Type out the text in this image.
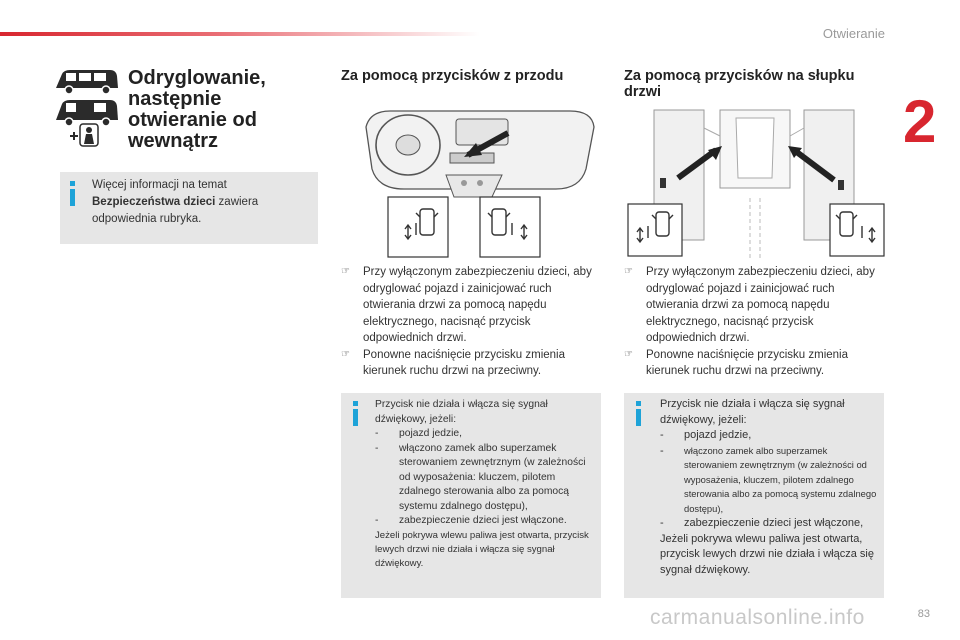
Otwieranie
2
Odryglowanie, następnie otwieranie od wewnątrz
Więcej informacji na temat
Bezpieczeństwa dzieci zawiera
odpowiednia rubryka.
Za pomocą przycisków z przodu
☞	Przy wyłączonym zabezpieczeniu dzieci, aby odryglować pojazd i zainicjować ruch otwierania drzwi za pomocą napędu elektrycznego, nacisnąć przycisk odpowiednich drzwi.
☞	Ponowne naciśnięcie przycisku zmienia kierunek ruchu drzwi na przeciwny.
Przycisk nie działa i włącza się sygnał dźwiękowy, jeżeli:
-	pojazd jedzie,
-	włączono zamek albo superzamek sterowaniem zewnętrznym (w zależności od wyposażenia: kluczem, pilotem zdalnego sterowania albo za pomocą systemu zdalnego dostępu),
-	zabezpieczenie dzieci jest włączone.
Jeżeli pokrywa wlewu paliwa jest otwarta, przycisk lewych drzwi nie działa i włącza się sygnał dźwiękowy.
Za pomocą przycisków na słupku drzwi
☞	Przy wyłączonym zabezpieczeniu dzieci, aby odryglować pojazd i zainicjować ruch otwierania drzwi za pomocą napędu elektrycznego, nacisnąć przycisk odpowiednich drzwi.
☞	Ponowne naciśnięcie przycisku zmienia kierunek ruchu drzwi na przeciwny.
Przycisk nie działa i włącza się sygnał dźwiękowy, jeżeli:
-	pojazd jedzie,
-	włączono zamek albo superzamek sterowaniem zewnętrznym (w zależności od wyposażenia, kluczem, pilotem zdalnego sterowania albo za pomocą systemu zdalnego dostępu),
-	zabezpieczenie dzieci jest włączone,
Jeżeli pokrywa wlewu paliwa jest otwarta, przycisk lewych drzwi nie działa i włącza się sygnał dźwiękowy.
carmanualsonline.info	83
